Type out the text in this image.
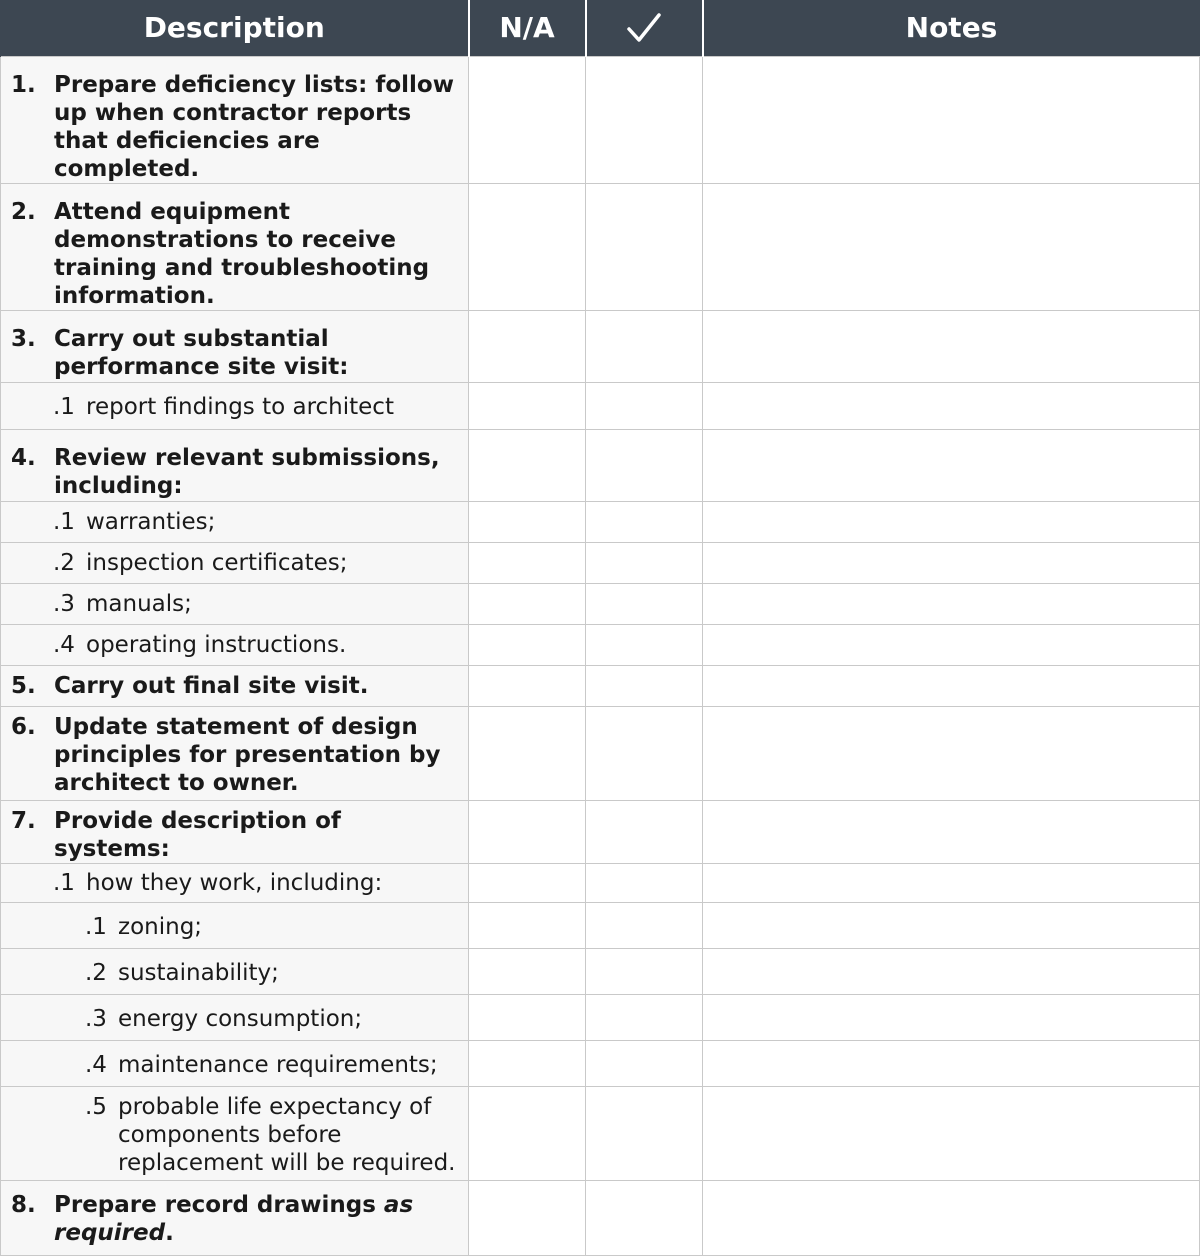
Description	N/A		Notes

1. Prepare deficiency lists: follow up when contractor reports that deficiencies are completed.			

2. Attend equipment demonstrations to receive training and troubleshooting information.			

3. Carry out substantial performance site visit:			

.1 report findings to architect			

4. Review relevant submissions, including:			

.1 warranties;			

.2 inspection certificates;			

.3 manuals;			

.4 operating instructions.			

5. Carry out final site visit.			

6. Update statement of design principles for presentation by architect to owner.			

7. Provide description of systems:			

.1 how they work, including:			

.1 zoning;			

.2 sustainability;			

.3 energy consumption;			

.4 maintenance requirements;			

.5 probable life expectancy of components before replacement will be required.			

8. Prepare record drawings as required.			
